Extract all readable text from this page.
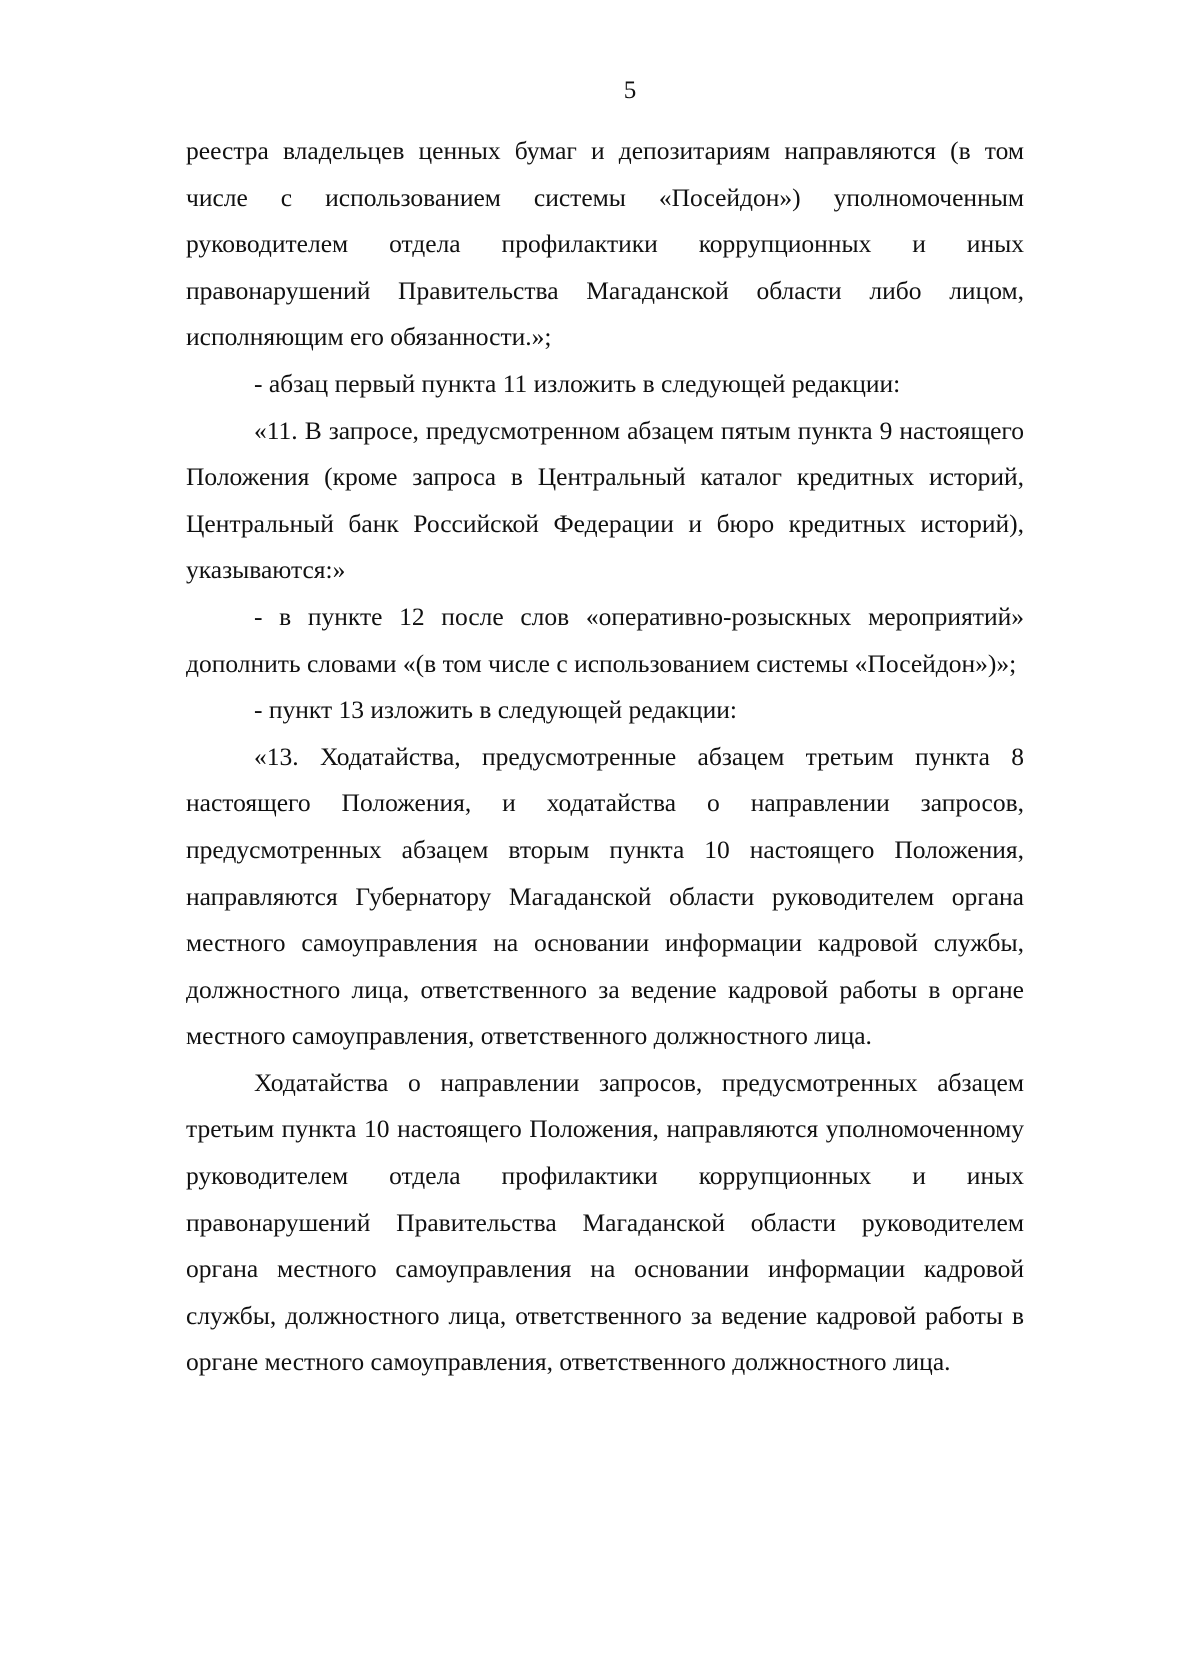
5

реестра владельцев ценных бумаг и депозитариям направляются (в том числе с использованием системы «Посейдон») уполномоченным руководителем отдела профилактики коррупционных и иных правонарушений Правительства Магаданской области либо лицом, исполняющим его обязанности.»;

- абзац первый пункта 11 изложить в следующей редакции:

«11. В запросе, предусмотренном абзацем пятым пункта 9 настоящего Положения (кроме запроса в Центральный каталог кредитных историй, Центральный банк Российской Федерации и бюро кредитных историй), указываются:»

- в пункте 12 после слов «оперативно-розыскных мероприятий» дополнить словами «(в том числе с использованием системы «Посейдон»)»;

- пункт 13 изложить в следующей редакции:

«13. Ходатайства, предусмотренные абзацем третьим пункта 8 настоящего Положения, и ходатайства о направлении запросов, предусмотренных абзацем вторым пункта 10 настоящего Положения, направляются Губернатору Магаданской области руководителем органа местного самоуправления на основании информации кадровой службы, должностного лица, ответственного за ведение кадровой работы в органе местного самоуправления, ответственного должностного лица.

Ходатайства о направлении запросов, предусмотренных абзацем третьим пункта 10 настоящего Положения, направляются уполномоченному руководителем отдела профилактики коррупционных и иных правонарушений Правительства Магаданской области руководителем органа местного самоуправления на основании информации кадровой службы, должностного лица, ответственного за ведение кадровой работы в органе местного самоуправления, ответственного должностного лица.
